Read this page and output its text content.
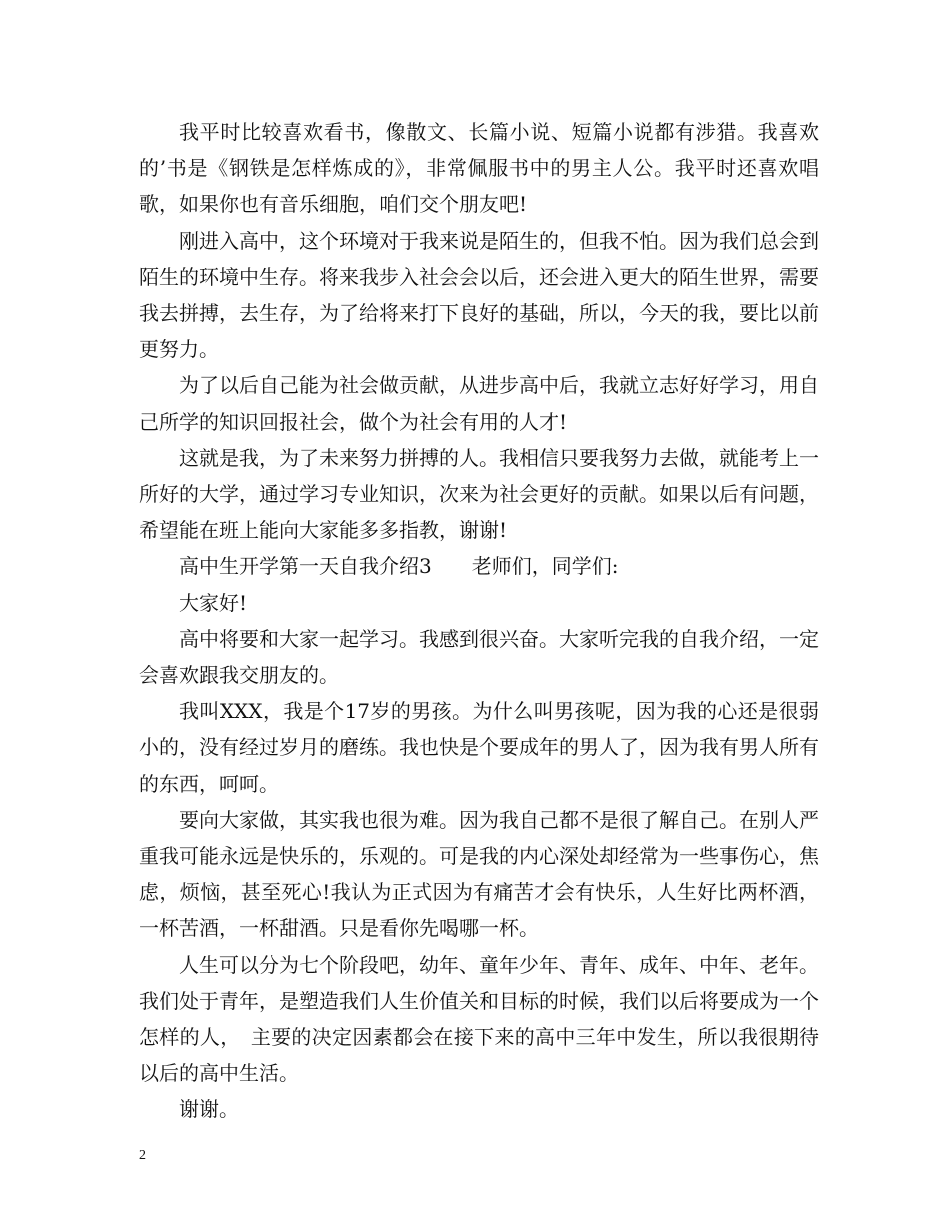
我平时比较喜欢看书，像散文、长篇小说、短篇小说都有涉猎。我喜欢的’书是《钢铁是怎样炼成的》，非常佩服书中的男主人公。我平时还喜欢唱歌，如果你也有音乐细胞，咱们交个朋友吧!

刚进入高中，这个环境对于我来说是陌生的，但我不怕。因为我们总会到陌生的环境中生存。将来我步入社会会以后，还会进入更大的陌生世界，需要我去拼搏，去生存，为了给将来打下良好的基础，所以，今天的我，要比以前更努力。

为了以后自己能为社会做贡献，从进步高中后，我就立志好好学习，用自己所学的知识回报社会，做个为社会有用的人才!

这就是我，为了未来努力拼搏的人。我相信只要我努力去做，就能考上一所好的大学，通过学习专业知识，次来为社会更好的贡献。如果以后有问题，希望能在班上能向大家能多多指教，谢谢!

高中生开学第一天自我介绍3　　老师们，同学们:

大家好!

高中将要和大家一起学习。我感到很兴奋。大家听完我的自我介绍，一定会喜欢跟我交朋友的。

我叫XXX，我是个17岁的男孩。为什么叫男孩呢，因为我的心还是很弱小的，没有经过岁月的磨练。我也快是个要成年的男人了，因为我有男人所有的东西，呵呵。

要向大家做，其实我也很为难。因为我自己都不是很了解自己。在别人严重我可能永远是快乐的，乐观的。可是我的内心深处却经常为一些事伤心，焦虑，烦恼，甚至死心!我认为正式因为有痛苦才会有快乐，人生好比两杯酒，一杯苦酒，一杯甜酒。只是看你先喝哪一杯。

人生可以分为七个阶段吧，幼年、童年少年、青年、成年、中年、老年。我们处于青年，是塑造我们人生价值关和目标的时候，我们以后将要成为一个怎样的人，　主要的决定因素都会在接下来的高中三年中发生，所以我很期待以后的高中生活。

谢谢。

2
